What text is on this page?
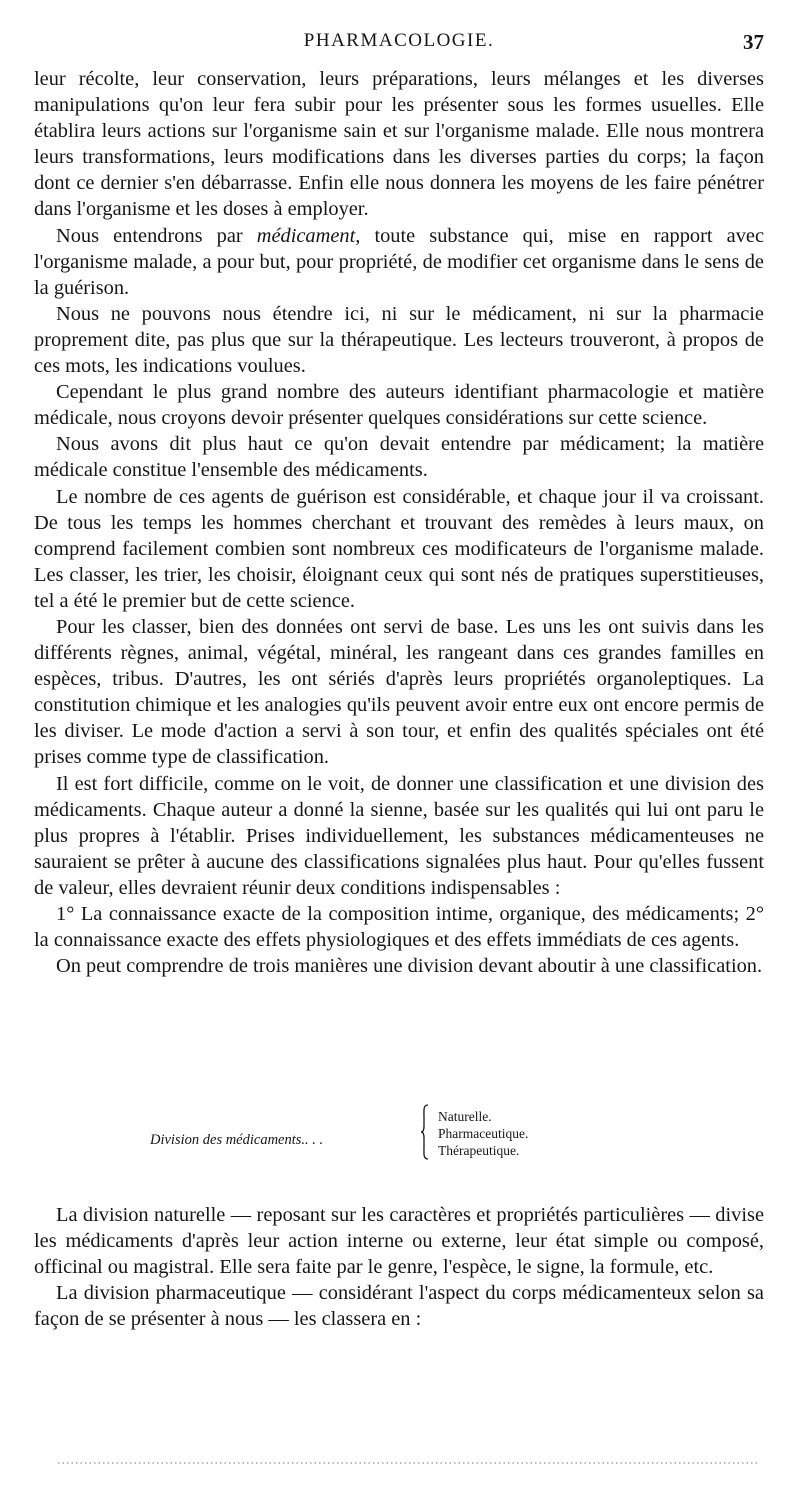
PHARMACOLOGIE.	37

leur récolte, leur conservation, leurs préparations, leurs mélanges et les diverses manipulations qu'on leur fera subir pour les présenter sous les formes usuelles. Elle établira leurs actions sur l'organisme sain et sur l'organisme malade. Elle nous montrera leurs transformations, leurs modifications dans les diverses parties du corps; la façon dont ce dernier s'en débarrasse. Enfin elle nous donnera les moyens de les faire pénétrer dans l'organisme et les doses à employer.

Nous entendrons par médicament, toute substance qui, mise en rapport avec l'organisme malade, a pour but, pour propriété, de modifier cet organisme dans le sens de la guérison.

Nous ne pouvons nous étendre ici, ni sur le médicament, ni sur la pharmacie proprement dite, pas plus que sur la thérapeutique. Les lecteurs trouveront, à propos de ces mots, les indications voulues.

Cependant le plus grand nombre des auteurs identifiant pharmacologie et matière médicale, nous croyons devoir présenter quelques considérations sur cette science.

Nous avons dit plus haut ce qu'on devait entendre par médicament; la matière médicale constitue l'ensemble des médicaments.

Le nombre de ces agents de guérison est considérable, et chaque jour il va croissant. De tous les temps les hommes cherchant et trouvant des remèdes à leurs maux, on comprend facilement combien sont nombreux ces modificateurs de l'organisme malade. Les classer, les trier, les choisir, éloignant ceux qui sont nés de pratiques superstitieuses, tel a été le premier but de cette science.

Pour les classer, bien des données ont servi de base. Les uns les ont suivis dans les différents règnes, animal, végétal, minéral, les rangeant dans ces grandes familles en espèces, tribus. D'autres, les ont sériés d'après leurs propriétés organoleptiques. La constitution chimique et les analogies qu'ils peuvent avoir entre eux ont encore permis de les diviser. Le mode d'action a servi à son tour, et enfin des qualités spéciales ont été prises comme type de classification.

Il est fort difficile, comme on le voit, de donner une classification et une division des médicaments. Chaque auteur a donné la sienne, basée sur les qualités qui lui ont paru le plus propres à l'établir. Prises individuellement, les substances médicamenteuses ne sauraient se prêter à aucune des classifications signalées plus haut. Pour qu'elles fussent de valeur, elles devraient réunir deux conditions indispensables :

1° La connaissance exacte de la composition intime, organique, des médicaments; 2° la connaissance exacte des effets physiologiques et des effets immédiats de ces agents.

On peut comprendre de trois manières une division devant aboutir à une classification.

Division des médicaments.. . .
Naturelle.
Pharmaceutique.
Thérapeutique.

La division naturelle — reposant sur les caractères et propriétés particulières — divise les médicaments d'après leur action interne ou externe, leur état simple ou composé, officinal ou magistral. Elle sera faite par le genre, l'espèce, le signe, la formule, etc.

La division pharmaceutique — considérant l'aspect du corps médicamenteux selon sa façon de se présenter à nous — les classera en :
